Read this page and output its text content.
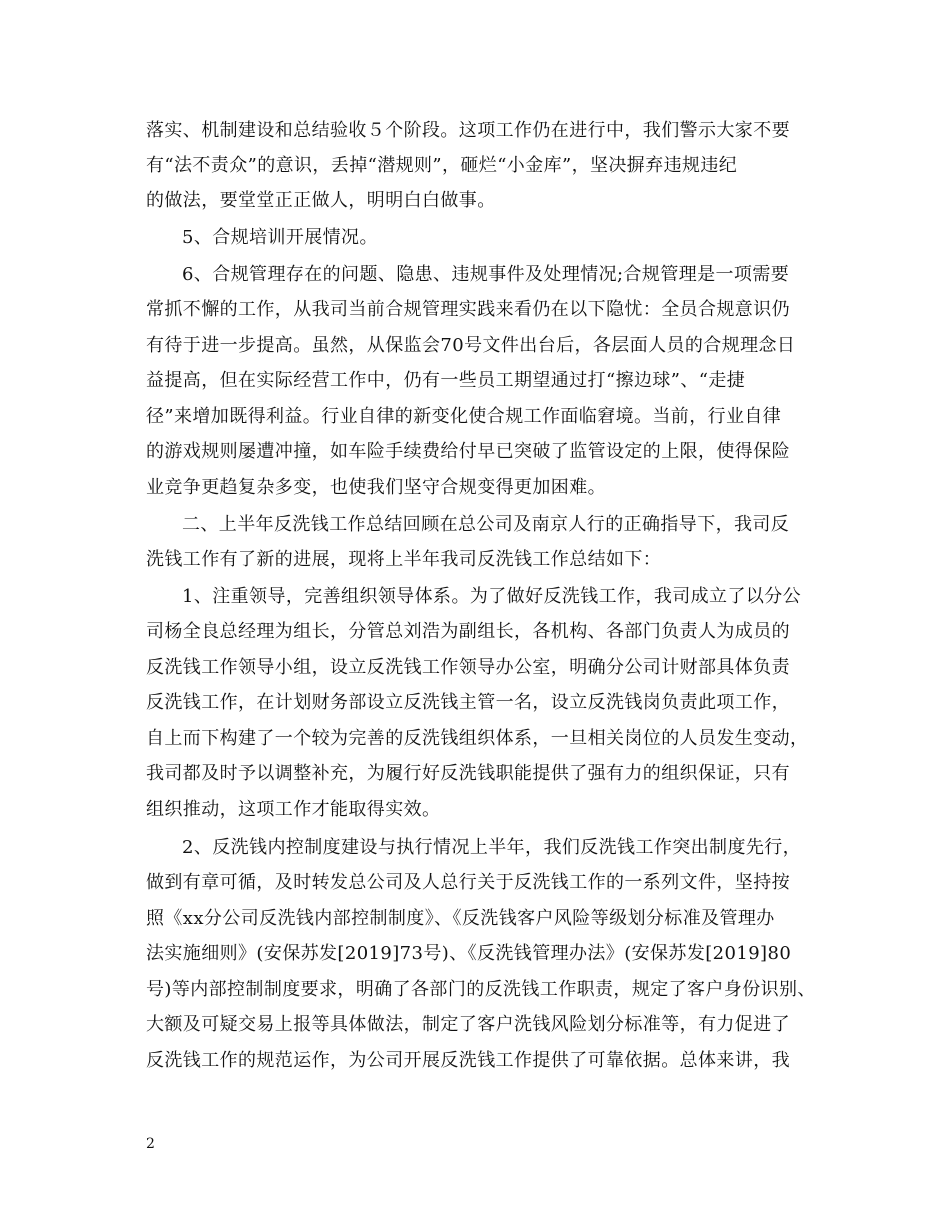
落实、机制建设和总结验收５个阶段。这项工作仍在进行中，我们警示大家不要

有“法不责众”的意识，丢掉“潜规则”，砸烂“小金库”，坚决摒弃违规违纪

的做法，要堂堂正正做人，明明白白做事。

5、合规培训开展情况。

6、合规管理存在的问题、隐患、违规事件及处理情况;合规管理是一项需要

常抓不懈的工作，从我司当前合规管理实践来看仍在以下隐忧：全员合规意识仍

有待于进一步提高。虽然，从保监会70号文件出台后，各层面人员的合规理念日

益提高，但在实际经营工作中，仍有一些员工期望通过打“擦边球”、“走捷

径”来增加既得利益。行业自律的新变化使合规工作面临窘境。当前，行业自律

的游戏规则屡遭冲撞，如车险手续费给付早已突破了监管设定的上限，使得保险

业竞争更趋复杂多变，也使我们坚守合规变得更加困难。

二、上半年反洗钱工作总结回顾在总公司及南京人行的正确指导下，我司反

洗钱工作有了新的进展，现将上半年我司反洗钱工作总结如下：

1、注重领导，完善组织领导体系。为了做好反洗钱工作，我司成立了以分公

司杨全良总经理为组长，分管总刘浩为副组长，各机构、各部门负责人为成员的

反洗钱工作领导小组，设立反洗钱工作领导办公室，明确分公司计财部具体负责

反洗钱工作，在计划财务部设立反洗钱主管一名，设立反洗钱岗负责此项工作，

自上而下构建了一个较为完善的反洗钱组织体系，一旦相关岗位的人员发生变动，

我司都及时予以调整补充，为履行好反洗钱职能提供了强有力的组织保证，只有

组织推动，这项工作才能取得实效。

2、反洗钱内控制度建设与执行情况上半年，我们反洗钱工作突出制度先行，

做到有章可循，及时转发总公司及人总行关于反洗钱工作的一系列文件，坚持按

照《xx分公司反洗钱内部控制制度》、《反洗钱客户风险等级划分标准及管理办

法实施细则》(安保苏发[2019]73号)、《反洗钱管理办法》(安保苏发[2019]80

号)等内部控制制度要求，明确了各部门的反洗钱工作职责，规定了客户身份识别、

大额及可疑交易上报等具体做法，制定了客户洗钱风险划分标准等，有力促进了

反洗钱工作的规范运作，为公司开展反洗钱工作提供了可靠依据。总体来讲，我

2
